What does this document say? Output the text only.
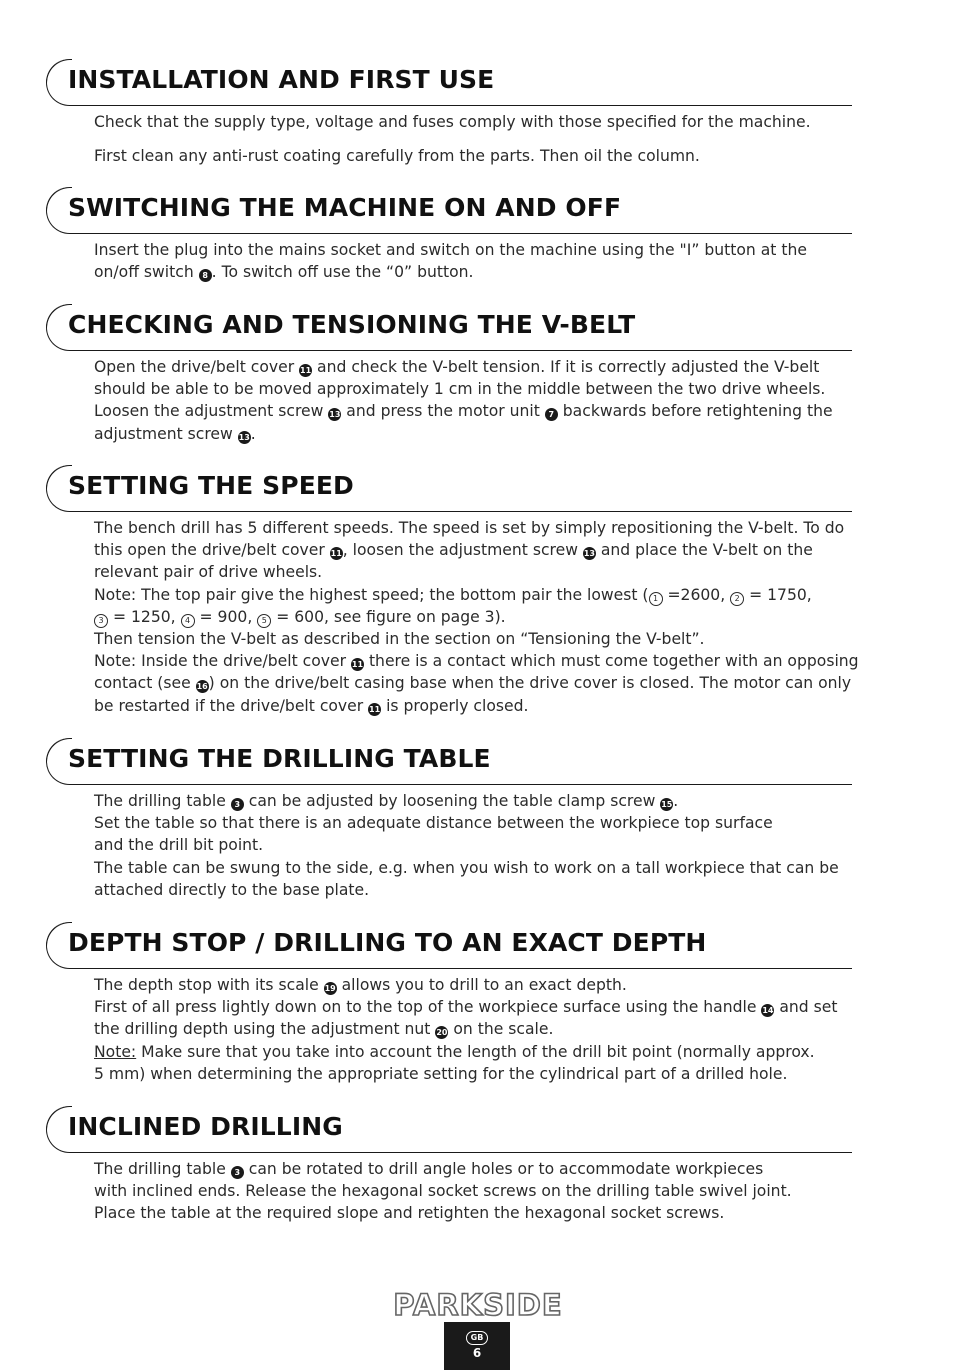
INSTALLATION AND FIRST USE

Check that the supply type, voltage and fuses comply with those specified for the machine.

First clean any anti-rust coating carefully from the parts. Then oil the column.

SWITCHING THE MACHINE ON AND OFF

Insert the plug into the mains socket and switch on the machine using the "I” button at the
on/off switch 8 . To switch off use the “0” button.

CHECKING AND TENSIONING THE V-BELT

Open the drive/belt cover 11 and check the V-belt tension. If it is correctly adjusted the V-belt
should be able to be moved approximately 1 cm in the middle between the two drive wheels.
Loosen the adjustment screw 13 and press the motor unit 7 backwards before retightening the
adjustment screw 13.

SETTING THE SPEED

The bench drill has 5 different speeds. The speed is set by simply repositioning the V-belt. To do
this open the drive/belt cover 11, loosen the adjustment screw 13 and place the V-belt on the
relevant pair of drive wheels.
Note: The top pair give the highest speed; the bottom pair the lowest ( 1 =2600, 2 = 1750,
3 = 1250, 4 = 900, 5 = 600, see figure on page 3).
Then tension the V-belt as described in the section on “Tensioning the V-belt”.
Note: Inside the drive/belt cover 11 there is a contact which must come together with an opposing
contact (see 16) on the drive/belt casing base when the drive cover is closed. The motor can only
be restarted if the drive/belt cover 11 is properly closed.

SETTING THE DRILLING TABLE

The drilling table 3 can be adjusted by loosening the table clamp screw 15.
Set the table so that there is an adequate distance between the workpiece top surface
and the drill bit point.
The table can be swung to the side, e.g. when you wish to work on a tall workpiece that can be
attached directly to the base plate.

DEPTH STOP / DRILLING TO AN EXACT DEPTH

The depth stop with its scale 19 allows you to drill to an exact depth.
First of all press lightly down on to the top of the workpiece surface using the handle 14 and set
the drilling depth using the adjustment nut 20 on the scale.
Note: Make sure that you take into account the length of the drill bit point (normally approx.
5 mm) when determining the appropriate setting for the cylindrical part of a drilled hole.

INCLINED DRILLING

The drilling table 3 can be rotated to drill angle holes or to accommodate workpieces
with inclined ends. Release the hexagonal socket screws on the drilling table swivel joint.
Place the table at the required slope and retighten the hexagonal socket screws.

PARKSIDE
GB
6
